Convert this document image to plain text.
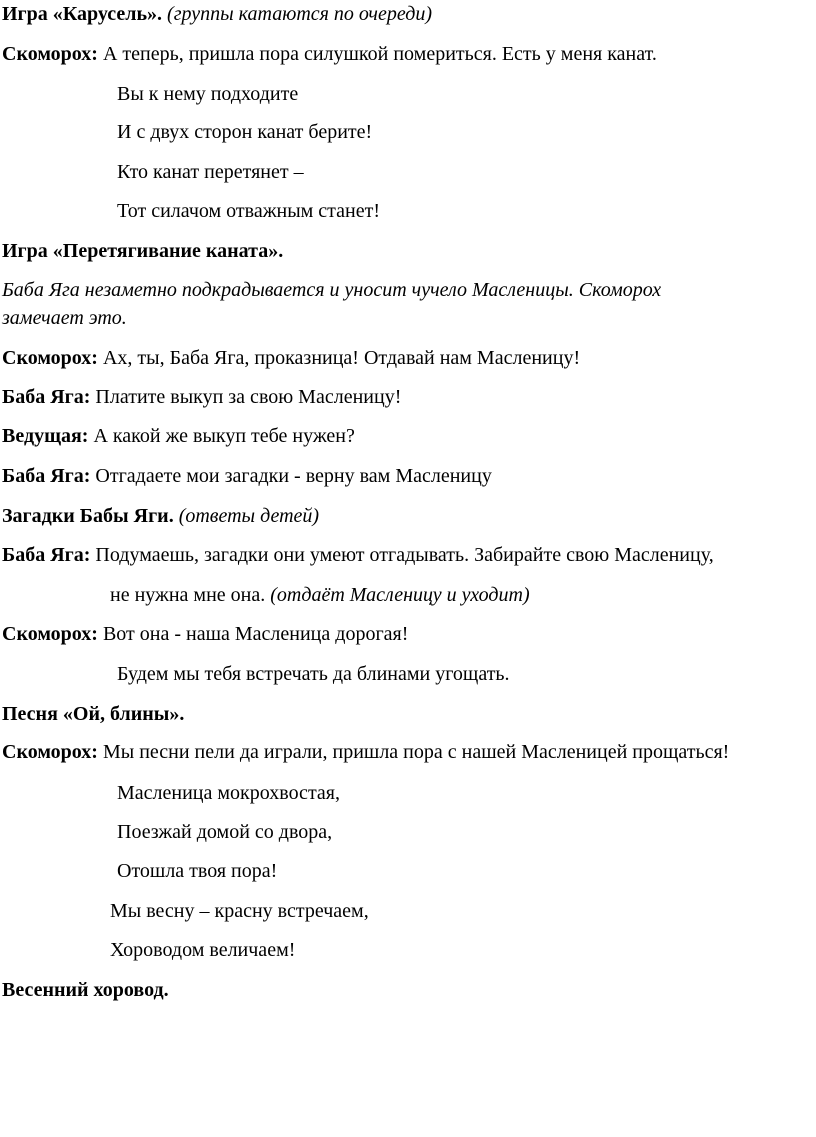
Игра «Карусель». (группы катаются по очереди)
Скоморох: А теперь, пришла пора силушкой помериться. Есть у меня канат.
Вы к нему подходите
И с двух сторон канат берите!
Кто канат перетянет –
Тот силачом отважным станет!
Игра «Перетягивание каната».
Баба Яга незаметно подкрадывается и уносит чучело Масленицы. Скоморох
замечает это.
Скоморох: Ах, ты, Баба Яга, проказница! Отдавай нам Масленицу!
Баба Яга: Платите выкуп за свою Масленицу!
Ведущая: А какой же выкуп тебе нужен?
Баба Яга: Отгадаете мои загадки - верну вам Масленицу
Загадки Бабы Яги. (ответы детей)
Баба Яга: Подумаешь, загадки они умеют отгадывать. Забирайте свою Масленицу,
не нужна мне она. (отдаёт Масленицу и уходит)
Скоморох: Вот она - наша Масленица дорогая!
Будем мы тебя встречать да блинами угощать.
Песня «Ой, блины».
Скоморох: Мы песни пели да играли, пришла пора с нашей Масленицей прощаться!
Масленица мокрохвостая,
Поезжай домой со двора,
Отошла твоя пора!
Мы весну – красну встречаем,
Хороводом величаем!
Весенний хоровод.
